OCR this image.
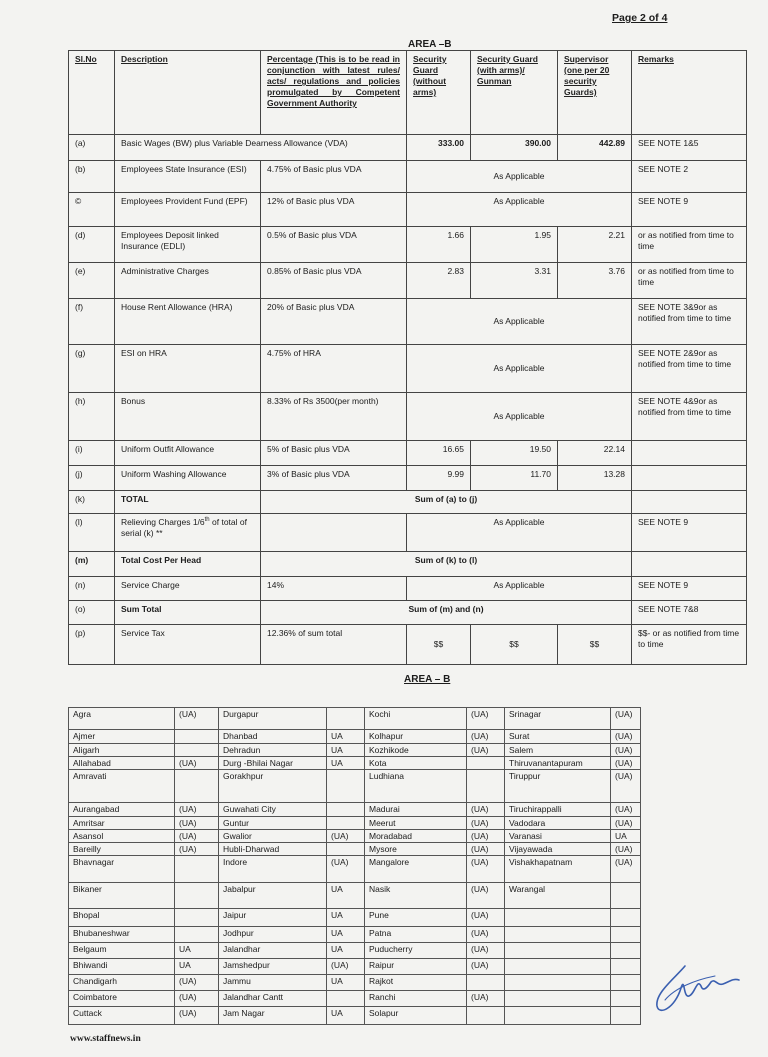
Page 2 of 4
AREA –B
Sl.No	Description	Percentage (This is to be read in conjunction with latest rules/ acts/ regulations and policies promulgated by Competent Government Authority	Security Guard (without arms)	Security Guard (with arms)/ Gunman	Supervisor (one per 20 security Guards)	Remarks
(a)	Basic Wages (BW) plus Variable Dearness Allowance (VDA)		333.00	390.00	442.89	SEE NOTE 1&5
(b)	Employees State Insurance (ESI)	4.75% of Basic plus VDA	As Applicable			SEE NOTE 2
©	Employees Provident Fund (EPF)	12% of Basic plus VDA	As Applicable			SEE NOTE 9
(d)	Employees Deposit linked Insurance (EDLI)	0.5% of Basic plus VDA	1.66	1.95	2.21	or as notified from time to time
(e)	Administrative Charges	0.85% of Basic plus VDA	2.83	3.31	3.76	or as notified from time to time
(f)	House Rent Allowance (HRA)	20% of Basic plus VDA	As Applicable			SEE NOTE 3&9or as notified from time to time
(g)	ESI on HRA	4.75% of HRA	As Applicable			SEE NOTE 2&9or as notified from time to time
(h)	Bonus	8.33% of Rs 3500(per month)	As Applicable			SEE NOTE 4&9or as notified from time to time
(i)	Uniform Outfit Allowance	5% of Basic plus VDA	16.65	19.50	22.14	
(j)	Uniform Washing Allowance	3% of Basic plus VDA	9.99	11.70	13.28	
(k)	TOTAL	Sum of (a) to (j)				
(l)	Relieving Charges 1/6th of total of serial (k) **		As Applicable			SEE NOTE 9
(m)	Total Cost Per Head	Sum of (k) to (l)				
(n)	Service Charge	14%	As Applicable			SEE NOTE 9
(o)	Sum Total	Sum of (m) and (n)				SEE NOTE 7&8
(p)	Service Tax	12.36% of sum total	$$	$$	$$	$$- or as notified from time to time
AREA – B
Agra	(UA)	Durgapur		Kochi	(UA)	Srinagar	(UA)
Ajmer		Dhanbad	UA	Kolhapur	(UA)	Surat	(UA)
Aligarh		Dehradun	UA	Kozhikode	(UA)	Salem	(UA)
Allahabad	(UA)	Durg -Bhilai Nagar	UA	Kota		Thiruvanantapuram	(UA)
Amravati		Gorakhpur		Ludhiana		Tiruppur	(UA)
Aurangabad	(UA)	Guwahati City		Madurai	(UA)	Tiruchirappalli	(UA)
Amritsar	(UA)	Guntur		Meerut	(UA)	Vadodara	(UA)
Asansol	(UA)	Gwalior	(UA)	Moradabad	(UA)	Varanasi	UA
Bareilly	(UA)	Hubli-Dharwad		Mysore	(UA)	Vijayawada	(UA)
Bhavnagar		Indore	(UA)	Mangalore	(UA)	Vishakhapatnam	(UA)
Bikaner		Jabalpur	UA	Nasik	(UA)	Warangal	
Bhopal		Jaipur	UA	Pune	(UA)		
Bhubaneshwar		Jodhpur	UA	Patna	(UA)		
Belgaum	UA	Jalandhar	UA	Puducherry	(UA)		
Bhiwandi	UA	Jamshedpur	(UA)	Raipur	(UA)		
Chandigarh	(UA)	Jammu	UA	Rajkot			
Coimbatore	(UA)	Jalandhar Cantt		Ranchi	(UA)		
Cuttack	(UA)	Jam Nagar	UA	Solapur			
www.staffnews.in
